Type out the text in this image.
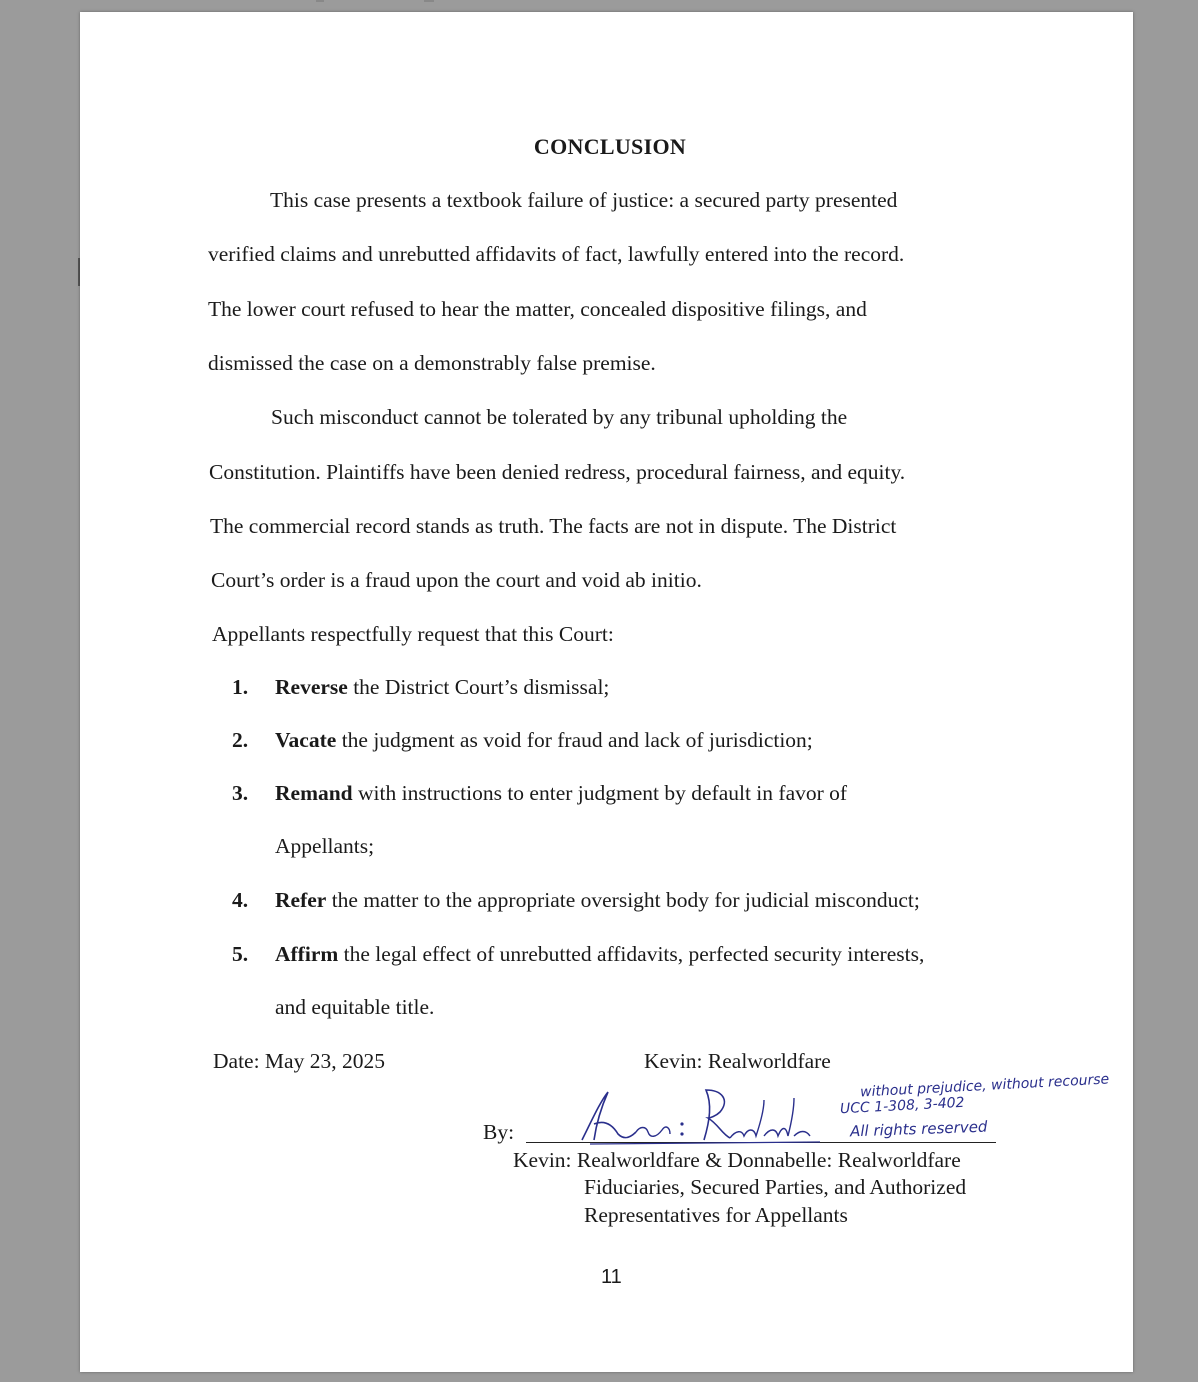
CONCLUSION
This case presents a textbook failure of justice: a secured party presented
verified claims and unrebutted affidavits of fact, lawfully entered into the record.
The lower court refused to hear the matter, concealed dispositive filings, and
dismissed the case on a demonstrably false premise.
Such misconduct cannot be tolerated by any tribunal upholding the
Constitution. Plaintiffs have been denied redress, procedural fairness, and equity.
The commercial record stands as truth. The facts are not in dispute. The District
Court’s order is a fraud upon the court and void ab initio.
Appellants respectfully request that this Court:
1. Reverse the District Court’s dismissal;
2. Vacate the judgment as void for fraud and lack of jurisdiction;
3. Remand with instructions to enter judgment by default in favor of
Appellants;
4. Refer the matter to the appropriate oversight body for judicial misconduct;
5. Affirm the legal effect of unrebutted affidavits, perfected security interests,
and equitable title.
Date: May 23, 2025	Kevin: Realworldfare
By:
without prejudice, without recourse
UCC 1-308, 3-402
All rights reserved
Kevin: Realworldfare & Donnabelle: Realworldfare
Fiduciaries, Secured Parties, and Authorized
Representatives for Appellants
11
